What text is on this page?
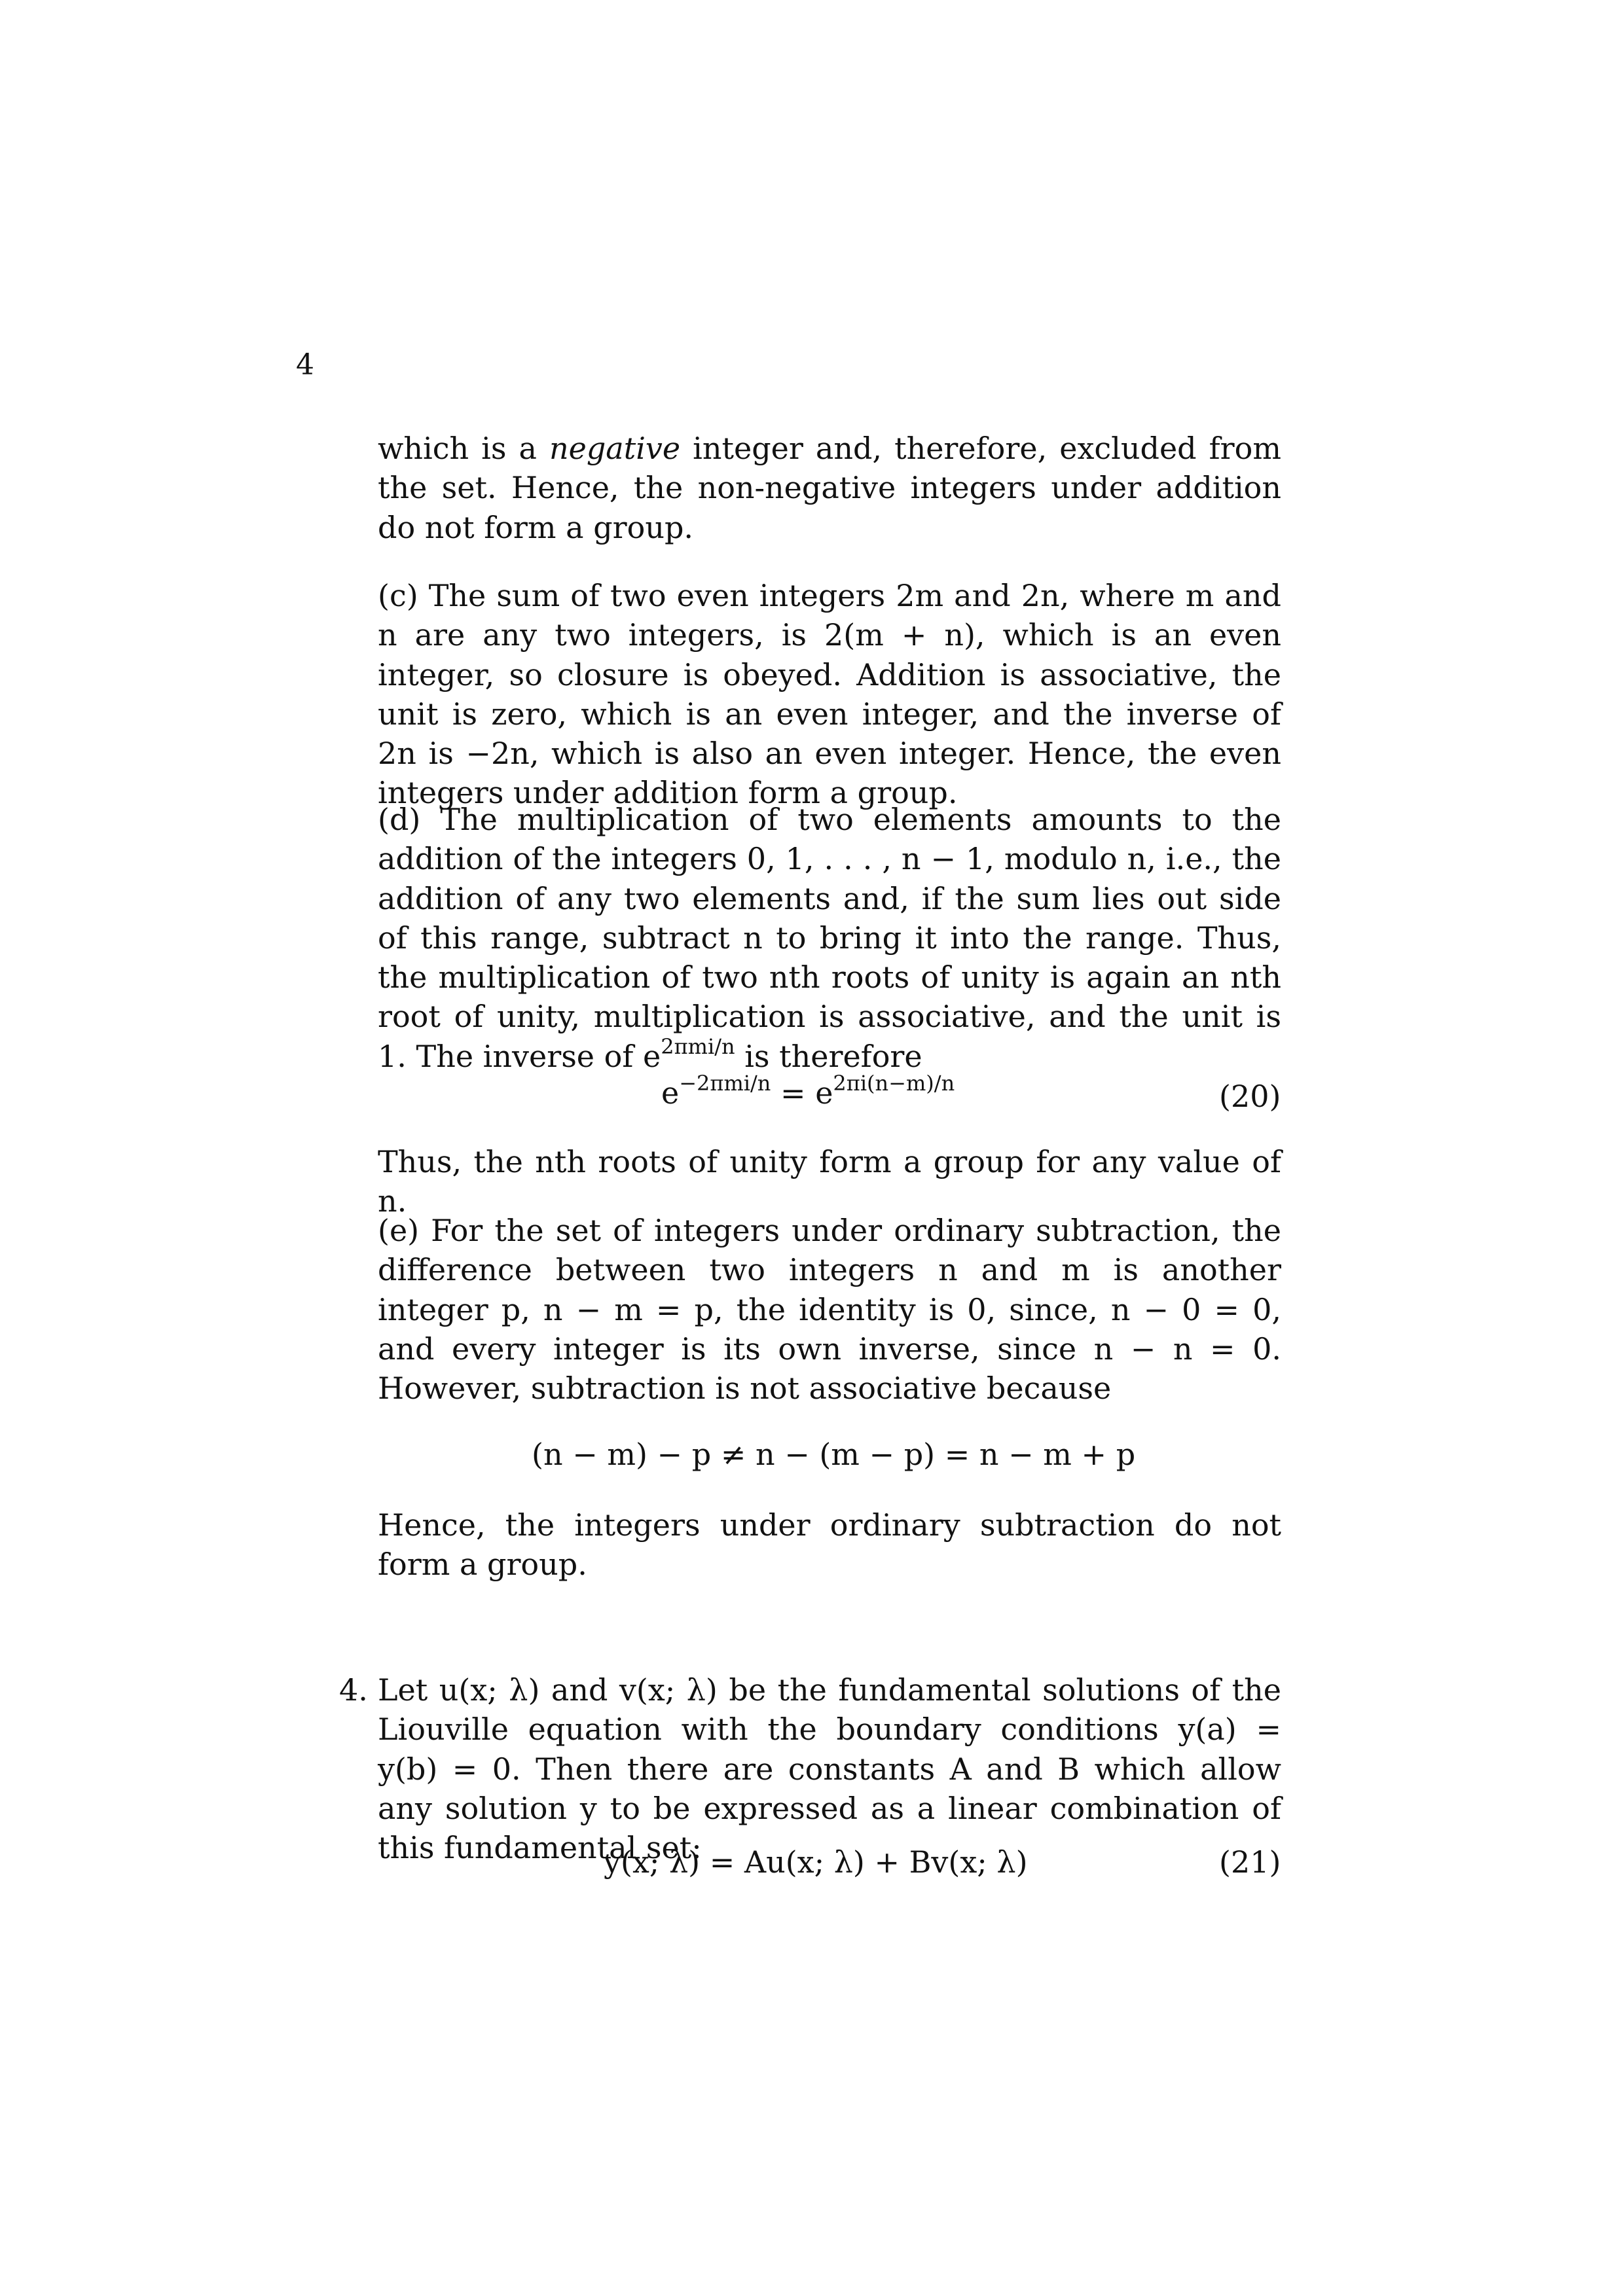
4

which is a negative integer and, therefore, excluded from the set. Hence, the non-negative integers under addition do not form a group.

(c) The sum of two even integers 2m and 2n, where m and n are any two integers, is 2(m + n), which is an even integer, so closure is obeyed. Addition is associative, the unit is zero, which is an even integer, and the inverse of 2n is −2n, which is also an even integer. Hence, the even integers under addition form a group.

(d) The multiplication of two elements amounts to the addition of the integers 0, 1, . . . , n − 1, modulo n, i.e., the addition of any two elements and, if the sum lies out side of this range, subtract n to bring it into the range. Thus, the multiplication of two nth roots of unity is again an nth root of unity, multiplication is associative, and the unit is 1. The inverse of $e^{2\pi mi/n}$ is therefore

$e^{-2\pi mi/n} = e^{2\pi i(n-m)/n}$	(20)

Thus, the nth roots of unity form a group for any value of n.

(e) For the set of integers under ordinary subtraction, the difference between two integers n and m is another integer p, n − m = p, the identity is 0, since, n − 0 = 0, and every integer is its own inverse, since n − n = 0. However, subtraction is not associative because

(n − m) − p ≠ n − (m − p) = n − m + p

Hence, the integers under ordinary subtraction do not form a group.

4. Let u(x; λ) and v(x; λ) be the fundamental solutions of the Liouville equation with the boundary conditions y(a) = y(b) = 0. Then there are constants A and B which allow any solution y to be expressed as a linear combination of this fundamental set:

y(x; λ) = Au(x; λ) + Bv(x; λ)	(21)
